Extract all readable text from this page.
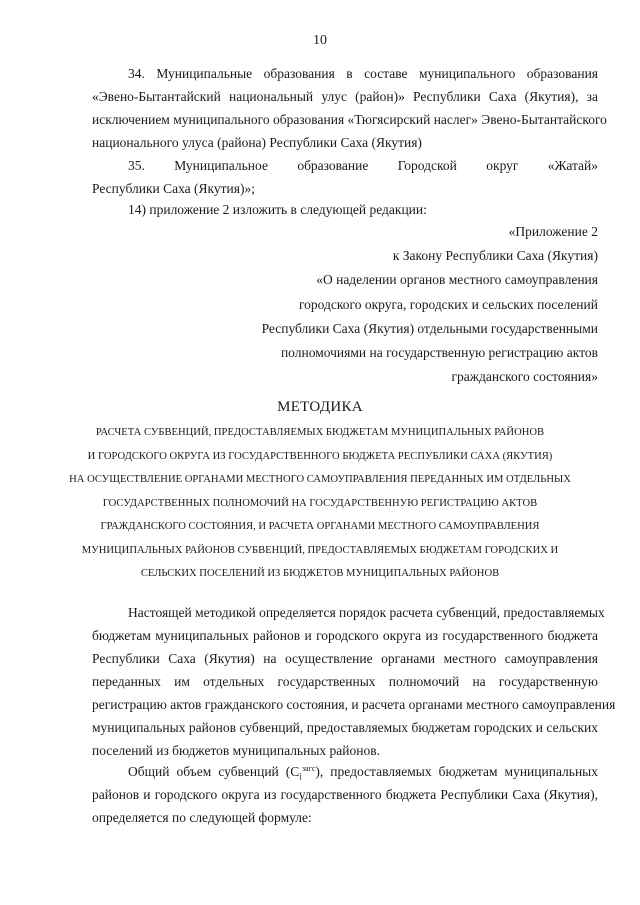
10
34. Муниципальные образования в составе муниципального образования
«Эвено-Бытантайский национальный улус (район)» Республики Саха (Якутия), за
исключением муниципального образования «Тюгясирский наслег» Эвено-Бытантайского
национального улуса (района) Республики Саха (Якутия)
35. Муниципальное образование Городской округ «Жатай»
Республики Саха (Якутия)»;
14) приложение 2 изложить в следующей редакции:
«Приложение 2
к Закону Республики Саха (Якутия)
«О наделении органов местного самоуправления
городского округа, городских и сельских поселений
Республики Саха (Якутия) отдельными государственными
полномочиями на государственную регистрацию актов
гражданского состояния»
МЕТОДИКА
РАСЧЕТА СУБВЕНЦИЙ, ПРЕДОСТАВЛЯЕМЫХ БЮДЖЕТАМ МУНИЦИПАЛЬНЫХ РАЙОНОВ
И ГОРОДСКОГО ОКРУГА ИЗ ГОСУДАРСТВЕННОГО БЮДЖЕТА РЕСПУБЛИКИ САХА (ЯКУТИЯ)
НА ОСУЩЕСТВЛЕНИЕ ОРГАНАМИ МЕСТНОГО САМОУПРАВЛЕНИЯ ПЕРЕДАННЫХ ИМ ОТДЕЛЬНЫХ
ГОСУДАРСТВЕННЫХ ПОЛНОМОЧИЙ НА ГОСУДАРСТВЕННУЮ РЕГИСТРАЦИЮ АКТОВ
ГРАЖДАНСКОГО СОСТОЯНИЯ, И РАСЧЕТА ОРГАНАМИ МЕСТНОГО САМОУПРАВЛЕНИЯ
МУНИЦИПАЛЬНЫХ РАЙОНОВ СУБВЕНЦИЙ, ПРЕДОСТАВЛЯЕМЫХ БЮДЖЕТАМ ГОРОДСКИХ И
СЕЛЬСКИХ ПОСЕЛЕНИЙ ИЗ БЮДЖЕТОВ МУНИЦИПАЛЬНЫХ РАЙОНОВ
Настоящей методикой определяется порядок расчета субвенций, предоставляемых
бюджетам муниципальных районов и городского округа из государственного бюджета
Республики Саха (Якутия) на осуществление органами местного самоуправления
переданных им отдельных государственных полномочий на государственную
регистрацию актов гражданского состояния, и расчета органами местного самоуправления
муниципальных районов субвенций, предоставляемых бюджетам городских и сельских
поселений из бюджетов муниципальных районов.
Общий объем субвенций $(С_i^{загс})$, предоставляемых бюджетам муниципальных
районов и городского округа из государственного бюджета Республики Саха (Якутия),
определяется по следующей формуле:
